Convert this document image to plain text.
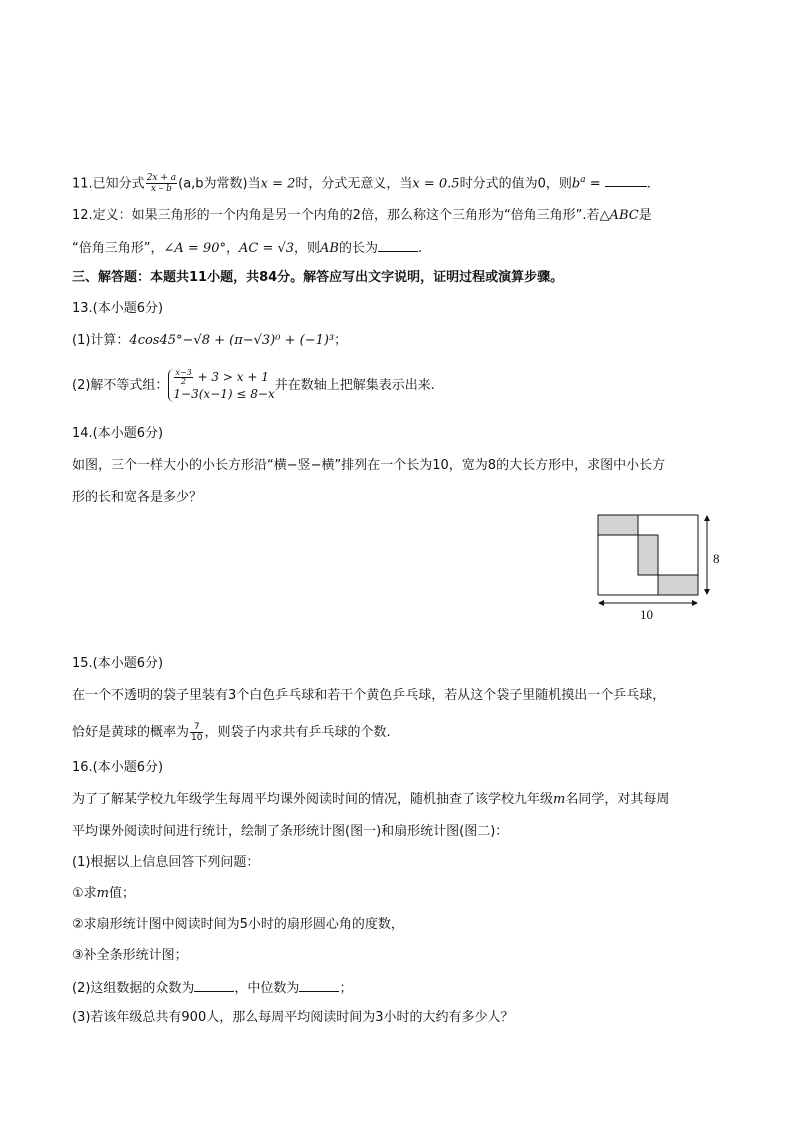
11.已知分式 $\frac{2x + a}{x - b} (a,b$为常数)当x = 2时，分式无意义，当x = 0.5时分式的值为0，则$b^a$ =	.
12.定义：如果三角形的一个内角是另一个内角的2倍，那么称这个三角形为“倍角三角形”.若△ABC是
“倍角三角形”，∠A = 90°，AC = √3，则AB的长为	.
三、解答题：本题共11小题，共84分。解答应写出文字说明，证明过程或演算步骤。
13.(本小题6分)
(1)计算：4cos45°−√8 + (π−√3)⁰ + (−1)³；
(2)解不等式组： $\frac{x-3}{2} + 3 > x + 1$
1−3(x−1) ≤ 8−x
并在数轴上把解集表示出来.
14.(本小题6分)
如图，三个一样大小的小长方形沿“横−竖−横”排列在一个长为10，宽为8的大长方形中，求图中小长方
形的长和宽各是多少？
8
10
15.(本小题6分)
在一个不透明的袋子里装有3个白色乒乓球和若干个黄色乒乓球，若从这个袋子里随机摸出一个乒乓球，
恰好是黄球的概率为 $\frac{7}{10}$ ，则袋子内求共有乒乓球的个数.
16.(本小题6分)
为了了解某学校九年级学生每周平均课外阅读时间的情况，随机抽查了该学校九年级m名同学，对其每周
平均课外阅读时间进行统计，绘制了条形统计图(图一)和扇形统计图(图二)：
(1)根据以上信息回答下列问题：
①求m值；
②求扇形统计图中阅读时间为5小时的扇形圆心角的度数，
③补全条形统计图；
(2)这组数据的众数为	，中位数为	；
(3)若该年级总共有900人，那么每周平均阅读时间为3小时的大约有多少人？
